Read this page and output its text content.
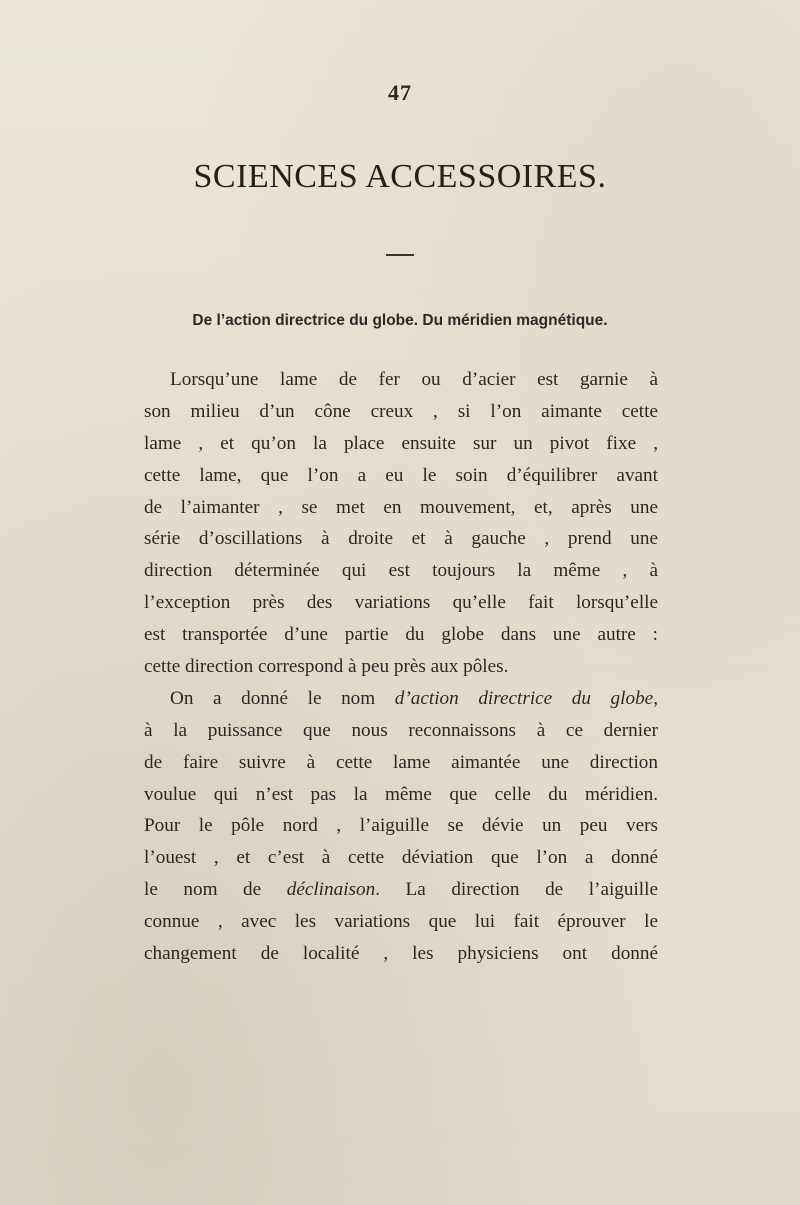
47
SCIENCES ACCESSOIRES.
De l’action directrice du globe. Du méridien magnétique.
Lorsqu’une lame de fer ou d’acier est garnie à
son milieu d’un cône creux , si l’on aimante cette
lame , et qu’on la place ensuite sur un pivot fixe ,
cette lame, que l’on a eu le soin d’équilibrer avant
de l’aimanter , se met en mouvement, et, après une
série d’oscillations à droite et à gauche , prend une
direction déterminée qui est toujours la même , à
l’exception près des variations qu’elle fait lorsqu’elle
est transportée d’une partie du globe dans une autre :
cette direction correspond à peu près aux pôles.
On a donné le nom d’action directrice du globe,
à la puissance que nous reconnaissons à ce dernier
de faire suivre à cette lame aimantée une direction
voulue qui n’est pas la même que celle du méridien.
Pour le pôle nord , l’aiguille se dévie un peu vers
l’ouest , et c’est à cette déviation que l’on a donné
le nom de déclinaison. La direction de l’aiguille
connue , avec les variations que lui fait éprouver le
changement de localité , les physiciens ont donné
